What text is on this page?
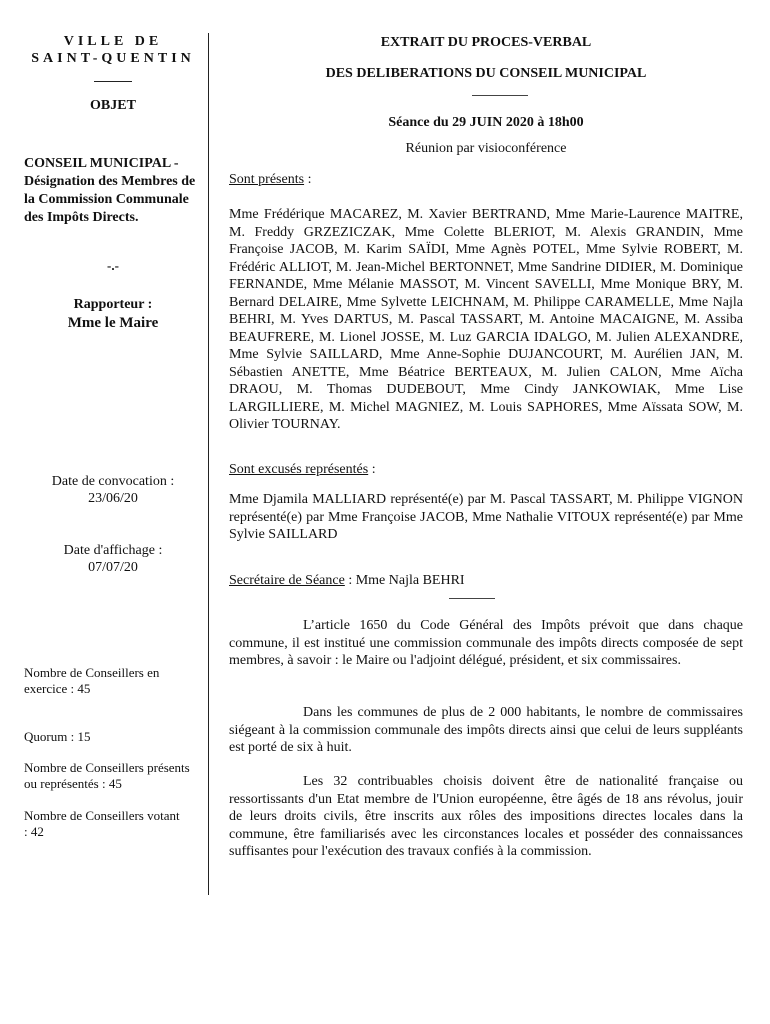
VILLE DE

SAINT-QUENTIN

OBJET
CONSEIL MUNICIPAL - Désignation des Membres de la Commission Communale des Impôts Directs.
-.-
Rapporteur :
Mme le Maire
Date de convocation :
23/06/20
Date d'affichage :
07/07/20
Nombre de Conseillers en exercice : 45
Quorum : 15
Nombre de Conseillers présents ou représentés : 45
Nombre de Conseillers votant : 42
EXTRAIT DU PROCES-VERBAL
DES DELIBERATIONS DU CONSEIL MUNICIPAL
Séance du 29 JUIN 2020 à 18h00
Réunion par visioconférence
Sont présents :
Mme Frédérique MACAREZ, M. Xavier BERTRAND, Mme Marie-Laurence MAITRE, M. Freddy GRZEZICZAK, Mme Colette BLERIOT, M. Alexis GRANDIN, Mme Françoise JACOB, M. Karim SAÏDI, Mme Agnès POTEL, Mme Sylvie ROBERT, M. Frédéric ALLIOT, M. Jean-Michel BERTONNET, Mme Sandrine DIDIER, M. Dominique FERNANDE, Mme Mélanie MASSOT, M. Vincent SAVELLI, Mme Monique BRY, M. Bernard DELAIRE, Mme Sylvette LEICHNAM, M. Philippe CARAMELLE, Mme Najla BEHRI, M. Yves DARTUS, M. Pascal TASSART, M. Antoine MACAIGNE, M. Assiba BEAUFRERE, M. Lionel JOSSE, M. Luz GARCIA IDALGO, M. Julien ALEXANDRE, Mme Sylvie SAILLARD, Mme Anne-Sophie DUJANCOURT, M. Aurélien JAN, M. Sébastien ANETTE, Mme Béatrice BERTEAUX, M. Julien CALON, Mme Aïcha DRAOU, M. Thomas DUDEBOUT, Mme Cindy JANKOWIAK, Mme Lise LARGILLIERE, M. Michel MAGNIEZ, M. Louis SAPHORES, Mme Aïssata SOW, M. Olivier TOURNAY.
Sont excusés représentés :
Mme Djamila MALLIARD représenté(e) par M. Pascal TASSART, M. Philippe VIGNON représenté(e) par Mme Françoise JACOB, Mme Nathalie VITOUX représenté(e) par Mme Sylvie SAILLARD
Secrétaire de Séance : Mme Najla BEHRI
L’article 1650 du Code Général des Impôts prévoit que dans chaque commune, il est institué une commission communale des impôts directs composée de sept membres, à savoir : le Maire ou l'adjoint délégué, président, et six commissaires.
Dans les communes de plus de 2 000 habitants, le nombre de commissaires siégeant à la commission communale des impôts directs ainsi que celui de leurs suppléants est porté de six à huit.
Les 32 contribuables choisis doivent être de nationalité française ou ressortissants d'un Etat membre de l'Union européenne, être âgés de 18 ans révolus, jouir de leurs droits civils, être inscrits aux rôles des impositions directes locales dans la commune, être familiarisés avec les circonstances locales et posséder des connaissances suffisantes pour l'exécution des travaux confiés à la commission.
